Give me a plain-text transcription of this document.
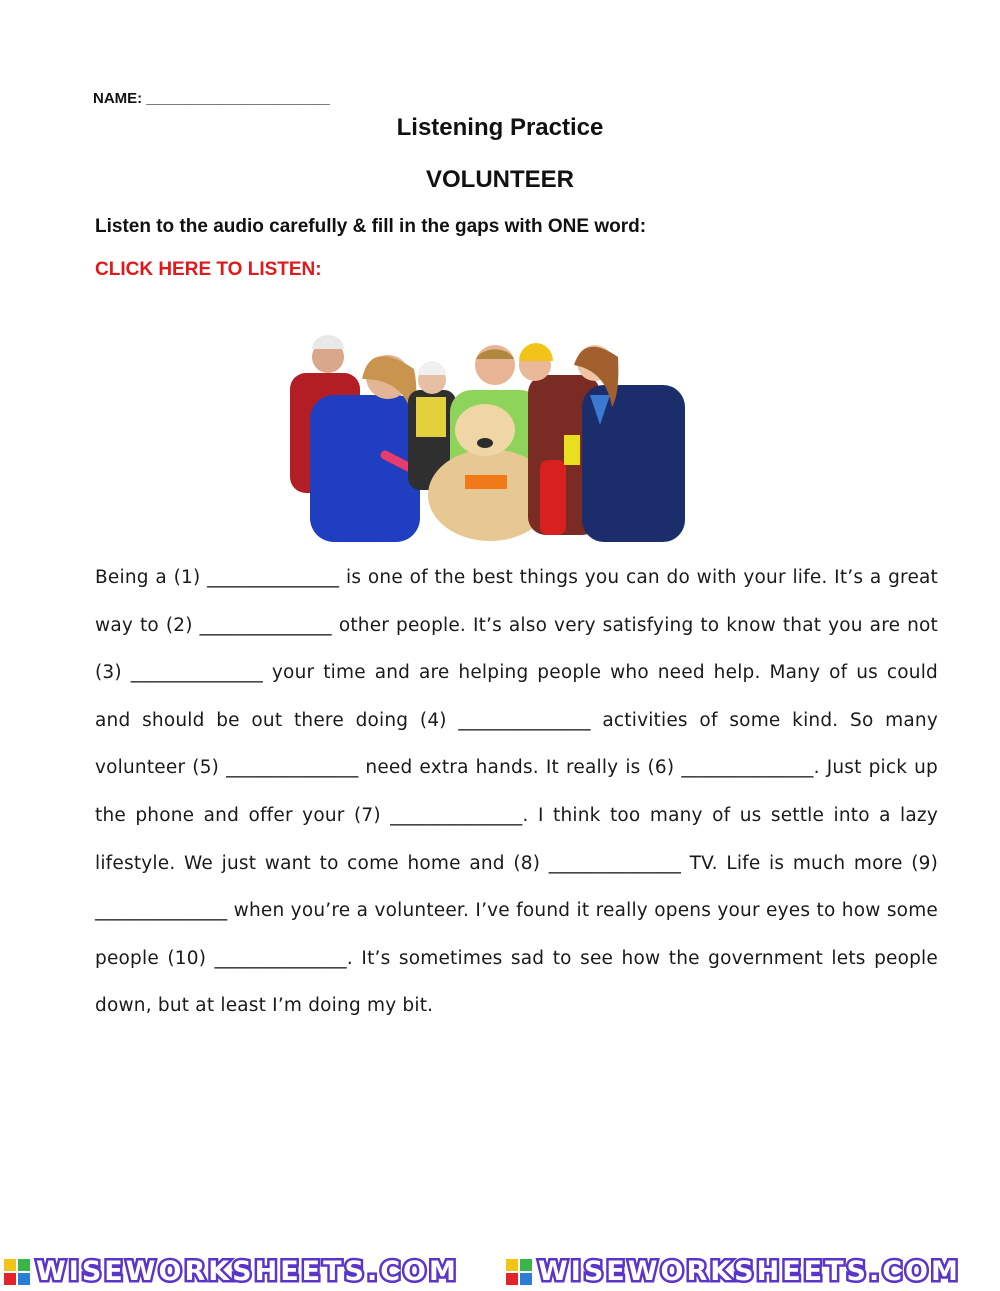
NAME: ______________________
Listening Practice
VOLUNTEER
Listen to the audio carefully & fill in the gaps with ONE word:
CLICK HERE TO LISTEN:
Being a (1) ______________ is one of the best things you can do with your life. It’s a great way to (2) ______________ other people. It’s also very satisfying to know that you are not (3) ______________ your time and are helping people who need help. Many of us could and should be out there doing (4) ______________ activities of some kind. So many volunteer (5) ______________ need extra hands. It really is (6) ______________. Just pick up the phone and offer your (7) ______________. I think too many of us settle into a lazy lifestyle. We just want to come home and (8) ______________ TV. Life is much more (9) ______________ when you’re a volunteer. I’ve found it really opens your eyes to how some people (10) ______________. It’s sometimes sad to see how the government lets people down, but at least I’m doing my bit.
WISEWORKSHEETS.COM	WISEWORKSHEETS.COM
